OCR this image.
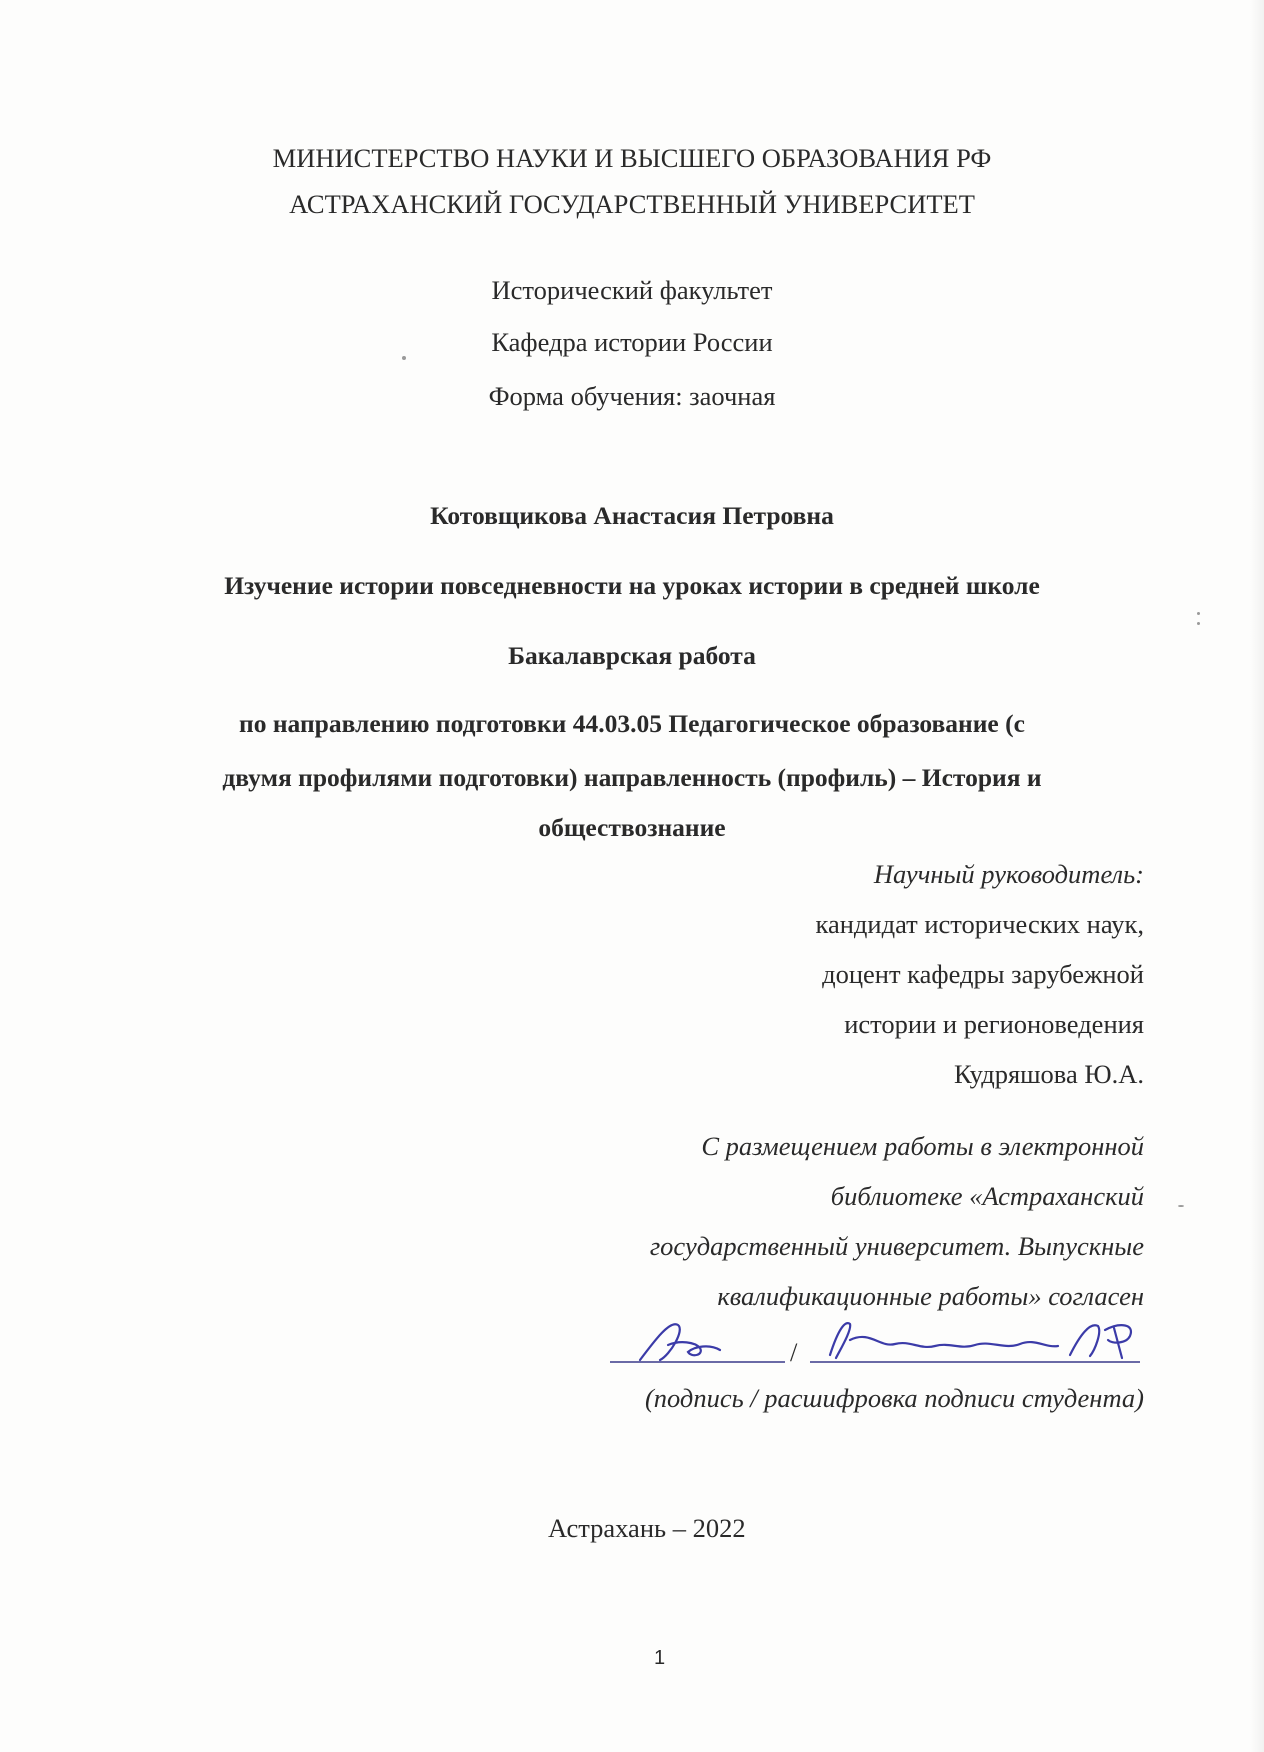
МИНИСТЕРСТВО НАУКИ И ВЫСШЕГО ОБРАЗОВАНИЯ РФ
АСТРАХАНСКИЙ ГОСУДАРСТВЕННЫЙ УНИВЕРСИТЕТ
Исторический факультет
Кафедра истории России
Форма обучения: заочная
Котовщикова Анастасия Петровна
Изучение истории повседневности на уроках истории в средней школе
Бакалаврская работа
по направлению подготовки 44.03.05 Педагогическое образование (с
двумя профилями подготовки) направленность (профиль) – История и
обществознание
Научный руководитель:
кандидат исторических наук,
доцент кафедры зарубежной
истории и регионоведения
Кудряшова Ю.А.
С размещением работы в электронной
библиотеке «Астраханский
государственный университет. Выпускные
квалификационные работы» согласен
/
(подпись / расшифровка подписи студента)
Астрахань – 2022
1
